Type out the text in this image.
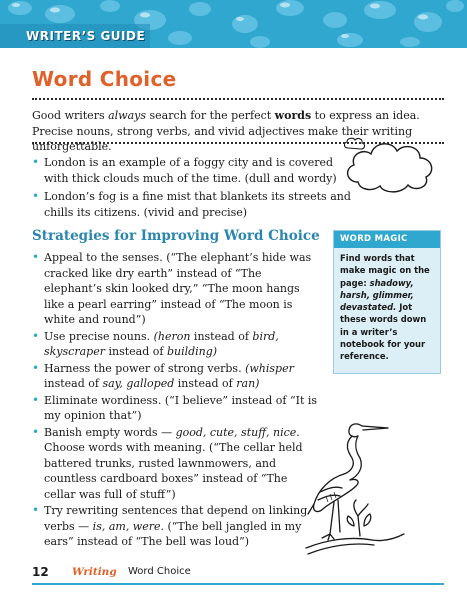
WRITER’S GUIDE
Word Choice

Good writers always search for the perfect words to express an idea. Precise nouns, strong verbs, and vivid adjectives make their writing unforgettable.

• London is an example of a foggy city and is covered with thick clouds much of the time. (dull and wordy)
• London’s fog is a fine mist that blankets its streets and chills its citizens. (vivid and precise)
Strategies for Improving Word Choice
• Appeal to the senses. (“The elephant’s hide was cracked like dry earth” instead of “The elephant’s skin looked dry,” “The moon hangs like a pearl earring” instead of “The moon is white and round”)
• Use precise nouns. (heron instead of bird,
skyscraper instead of building)
• Harness the power of strong verbs. (whisper instead of say, galloped instead of ran)
• Eliminate wordiness. (“I believe” instead of “It is my opinion that”)
• Banish empty words — good, cute, stuff, nice. Choose words with meaning. (“The cellar held battered trunks, rusted lawnmowers, and countless cardboard boxes” instead of “The cellar was full of stuff”)
• Try rewriting sentences that depend on linking verbs — is, am, were. (“The bell jangled in my ears” instead of “The bell was loud”)
WORD MAGIC
Find words that make magic on the page: shadowy, harsh, glimmer, devastated. Jot these words down in a writer’s notebook for your reference.
12 Writing Word Choice
